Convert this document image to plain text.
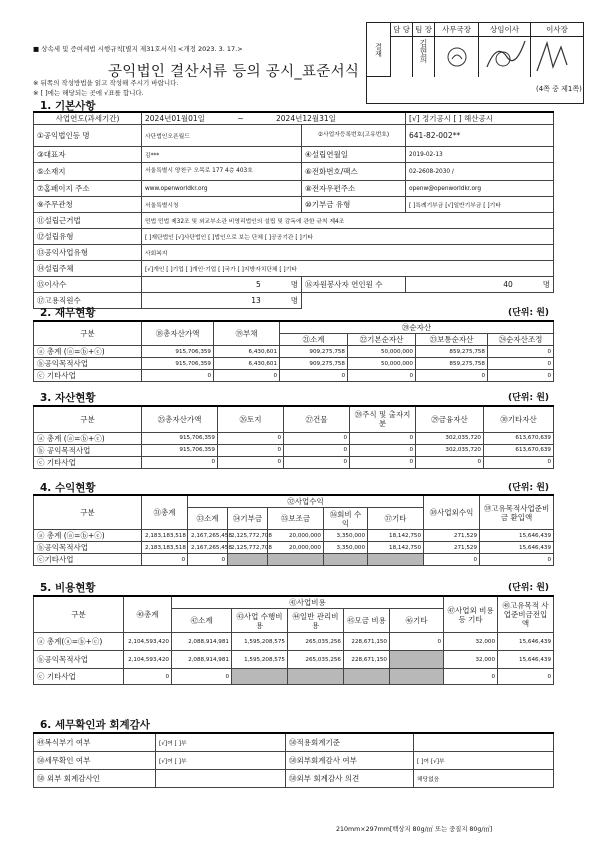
■ 상속세 및 증여세법 시행규칙[별지 제31호서식] <개정 2023. 3. 17.>	결재
담 당 팀 장	사무국장	상임이사	이사장
김현희
공익법인 결산서류 등의 공시_표준서식
※ 뒤쪽의 작성방법을 읽고 작성해 주시기 바랍니다.
※ [ ]에는 해당되는 곳에 √표를 합니다.	(4쪽 중 제1쪽)
1. 기본사항
사업연도(과세기간)	2024년01월01일 ~ 2024년12월31일		[√] 정기공시 [ ] 해산공시
①공익법인등 명	사단법인오픈월드	②사업자등록번호(고유번호)	641-82-002**
③대표자	김***	④설립연월일	2019-02-13
⑤소재지	서울특별시 양천구 오목로 177 4층 403호	⑥전화번호/팩스	02-2608-2030 /
⑦홈페이지 주소	www.openworldkr.org	⑧전자우편주소	openw@openworldkr.org
⑨주무관청	서울특별시청	⑩기부금 유형	[ ]특례기부금 [√]일반기부금 [ ]기타
⑪설립근거법	민법 민법 제32조 및 외교부소관 비영리법인의 설립 및 감독에 관한 규칙 제4조		
⑫설립유형	[ ]재단법인 [√]사단법인 [ ]법인으로 보는 단체 [ ]공공기관 [ ]기타		
⑬공익사업유형	사회복지		
⑭설립주체	[√]개인 [ ]기업 [ ]개인·기업 [ ]국가 [ ]지방자치단체 [ ]기타		
⑮이사수	5 명	⑯자원봉사자 연인원 수	40 명
⑰고용직원수	13 명		
2. 재무현황	(단위: 원)
구분	⑱총자산가액	⑲부채	⑳순자산			
			㉑소계	㉒기본순자산	㉓보통순자산	㉔순자산조정
ⓐ 총계 (ⓐ=ⓑ+ⓒ)	915,706,359	6,430,601	909,275,758	50,000,000	859,275,758	0
ⓑ공익목적사업	915,706,359	6,430,601	909,275,758	50,000,000	859,275,758	0
ⓒ 기타사업	0	0	0	0	0	0
3. 자산현황	(단위: 원)
구분	㉕총자산가액	㉖토지	㉗건물	㉘주식 및 출자지분	㉙금융자산	㉚기타자산
ⓐ 총계 (ⓐ=ⓑ+ⓒ)	915,706,359	0	0	0	302,035,720	613,670,639
ⓑ 공익목적사업	915,706,359	0	0	0	302,035,720	613,670,639
ⓒ 기타사업	0	0	0	0	0	0
4. 수익현황	(단위: 원)
구분	㉛총계	㉜사업수익					㊳사업외수익	㊴고유목적사업준비금 환입액
		㉝소계	㉞기부금	㉟보조금	㊱회비 수익	㊲기타		
ⓐ 총계 (ⓐ=ⓑ+ⓒ)	2,183,183,518	2,167,265,458	2,125,772,708	20,000,000	3,350,000	18,142,750	271,529	15,646,439
ⓑ공익목적사업	2,183,183,518	2,167,265,458	2,125,772,708	20,000,000	3,350,000	18,142,750	271,529	15,646,439
ⓒ기타사업	0	0					0	0
5. 비용현황	(단위: 원)
구분	㊵총계	㊶사업비용					㊼사업외 비용 등 기타	㊽고유목적 사업준비금전입액
		㊷소계	㊸사업 수행비용	㊹일반 관리비용	㊺모금 비용	㊻기타		
ⓐ 총계(ⓐ=ⓑ+ⓒ)	2,104,593,420	2,088,914,981	1,595,208,575	265,035,256	228,671,150	0	32,000	15,646,439
ⓑ공익목적사업	2,104,593,420	2,088,914,981	1,595,208,575	265,035,256	228,671,150		32,000	15,646,439
ⓒ 기타사업	0	0					0	0
6. 세무확인과 회계감사
㊾복식부기 여부	[√]여 [ ]부	㊿적용회계기준	
㊿세무확인 여부	[√]여 [ ]부	㊿외부회계감사 여부	[ ]여 [√]부
㊿ 외부 회계감사인		㊿외부 회계감사 의견	해당없음
210mm×297mm[백상지 80g/㎡ 또는 중질지 80g/㎡]
